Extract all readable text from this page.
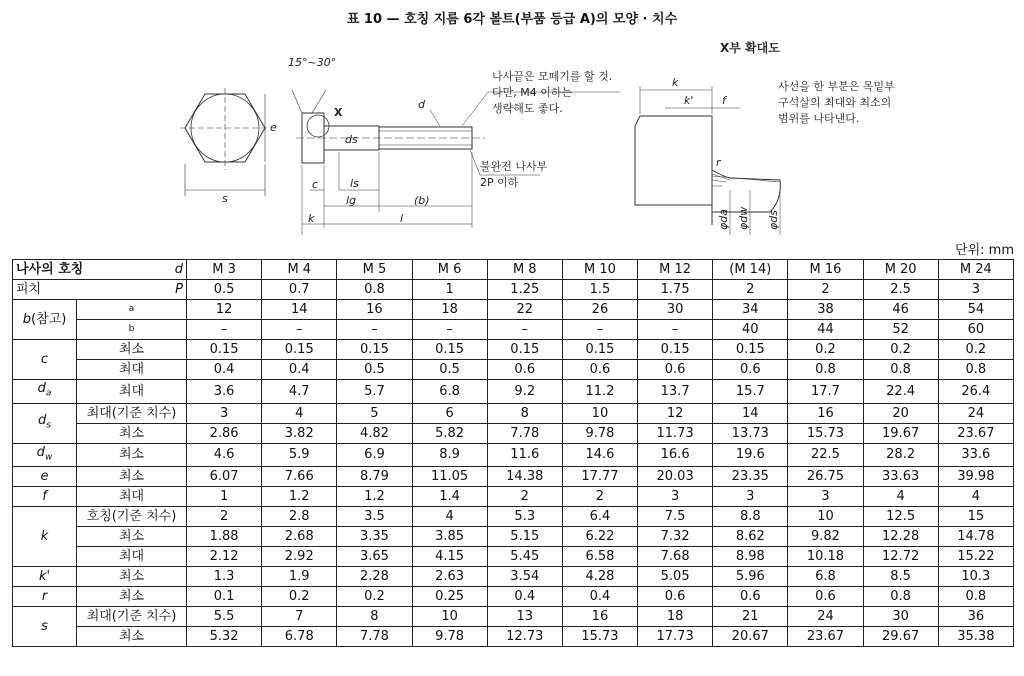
표 10 — 호칭 지름 6각 볼트(부품 등급 A)의 모양 · 치수
15°~30°
X
d
ds
e
s
c	ls
lg	(b)
k	l
나사끝은 모떼기를 할 것.
다만, M4 이하는
생략해도 좋다.
불완전 나사부
2P 이하
X부 확대도
k
k'	f
r
φda φdw φds
사선을 한 부분은 목밑부
구석살의 최대와 최소의
범위를 나타낸다.
단위: mm
나사의 호칭 d		M 3	M 4	M 5	M 6	M 8	M 10	M 12	(M 14)	M 16	M 20	M 24
피치 P		0.5	0.7	0.8	1	1.25	1.5	1.75	2	2	2.5	3
b(참고)	a	12	14	16	18	22	26	30	34	38	46	54
	b	–	–	–	–	–	–	–	40	44	52	60
c	최소	0.15	0.15	0.15	0.15	0.15	0.15	0.15	0.15	0.2	0.2	0.2
	최대	0.4	0.4	0.5	0.5	0.6	0.6	0.6	0.6	0.8	0.8	0.8
$d_a$	최대	3.6	4.7	5.7	6.8	9.2	11.2	13.7	15.7	17.7	22.4	26.4
$d_s$	최대(기준 치수)	3	4	5	6	8	10	12	14	16	20	24
	최소	2.86	3.82	4.82	5.82	7.78	9.78	11.73	13.73	15.73	19.67	23.67
$d_w$	최소	4.6	5.9	6.9	8.9	11.6	14.6	16.6	19.6	22.5	28.2	33.6
e	최소	6.07	7.66	8.79	11.05	14.38	17.77	20.03	23.35	26.75	33.63	39.98
f	최대	1	1.2	1.2	1.4	2	2	3	3	3	4	4
k	호칭(기준 치수)	2	2.8	3.5	4	5.3	6.4	7.5	8.8	10	12.5	15
	최소	1.88	2.68	3.35	3.85	5.15	6.22	7.32	8.62	9.82	12.28	14.78
	최대	2.12	2.92	3.65	4.15	5.45	6.58	7.68	8.98	10.18	12.72	15.22
k'	최소	1.3	1.9	2.28	2.63	3.54	4.28	5.05	5.96	6.8	8.5	10.3
r	최소	0.1	0.2	0.2	0.25	0.4	0.4	0.6	0.6	0.6	0.8	0.8
s	최대(기준 치수)	5.5	7	8	10	13	16	18	21	24	30	36
	최소	5.32	6.78	7.78	9.78	12.73	15.73	17.73	20.67	23.67	29.67	35.38
